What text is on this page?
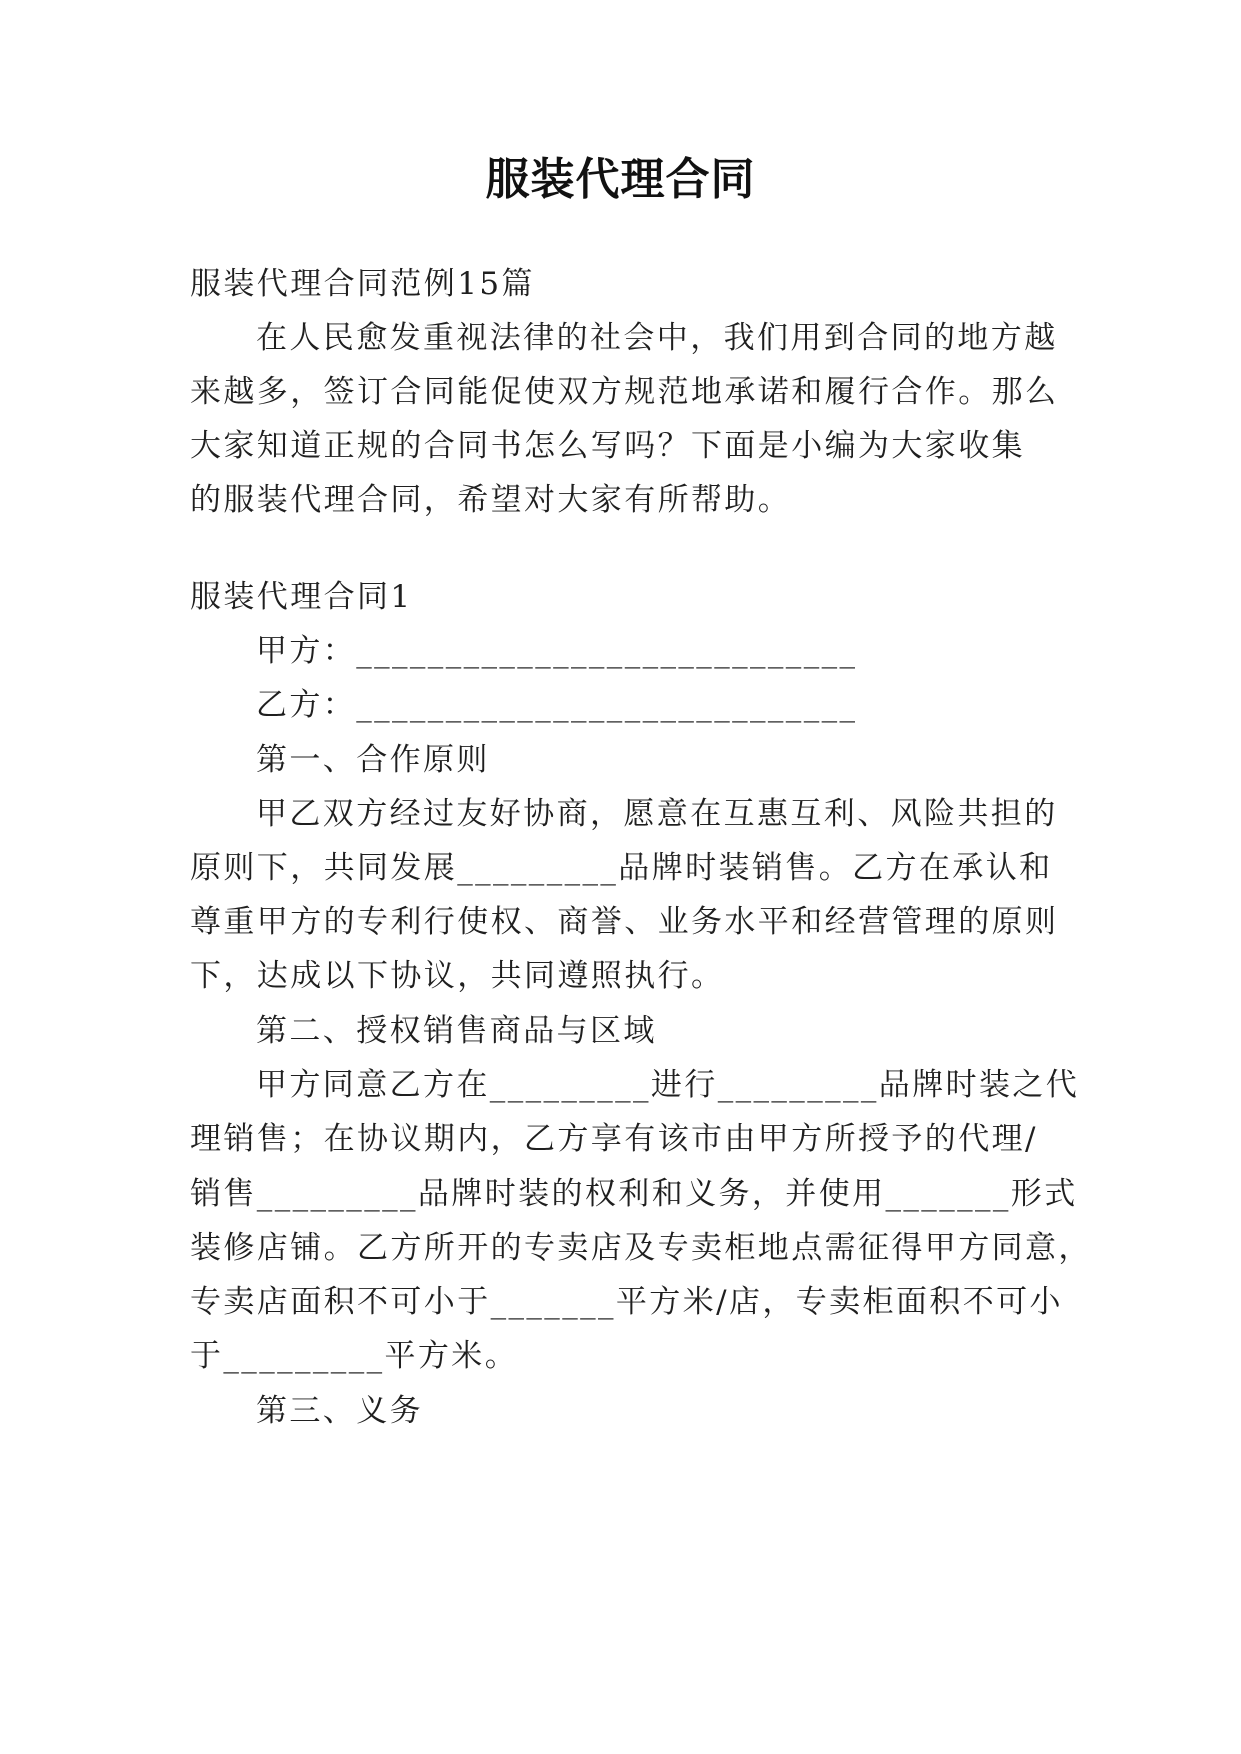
服装代理合同
服装代理合同范例15篇
在人民愈发重视法律的社会中，我们用到合同的地方越
来越多，签订合同能促使双方规范地承诺和履行合作。那么
大家知道正规的合同书怎么写吗？下面是小编为大家收集
的服装代理合同，希望对大家有所帮助。
服装代理合同1
甲方：____________________________
乙方：____________________________
第一、合作原则
甲乙双方经过友好协商，愿意在互惠互利、风险共担的
原则下，共同发展_________品牌时装销售。乙方在承认和
尊重甲方的专利行使权、商誉、业务水平和经营管理的原则
下，达成以下协议，共同遵照执行。
第二、授权销售商品与区域
甲方同意乙方在_________进行_________品牌时装之代
理销售；在协议期内，乙方享有该市由甲方所授予的代理/
销售_________品牌时装的权利和义务，并使用_______形式
装修店铺。乙方所开的专卖店及专卖柜地点需征得甲方同意，
专卖店面积不可小于_______平方米/店，专卖柜面积不可小
于_________平方米。
第三、义务
